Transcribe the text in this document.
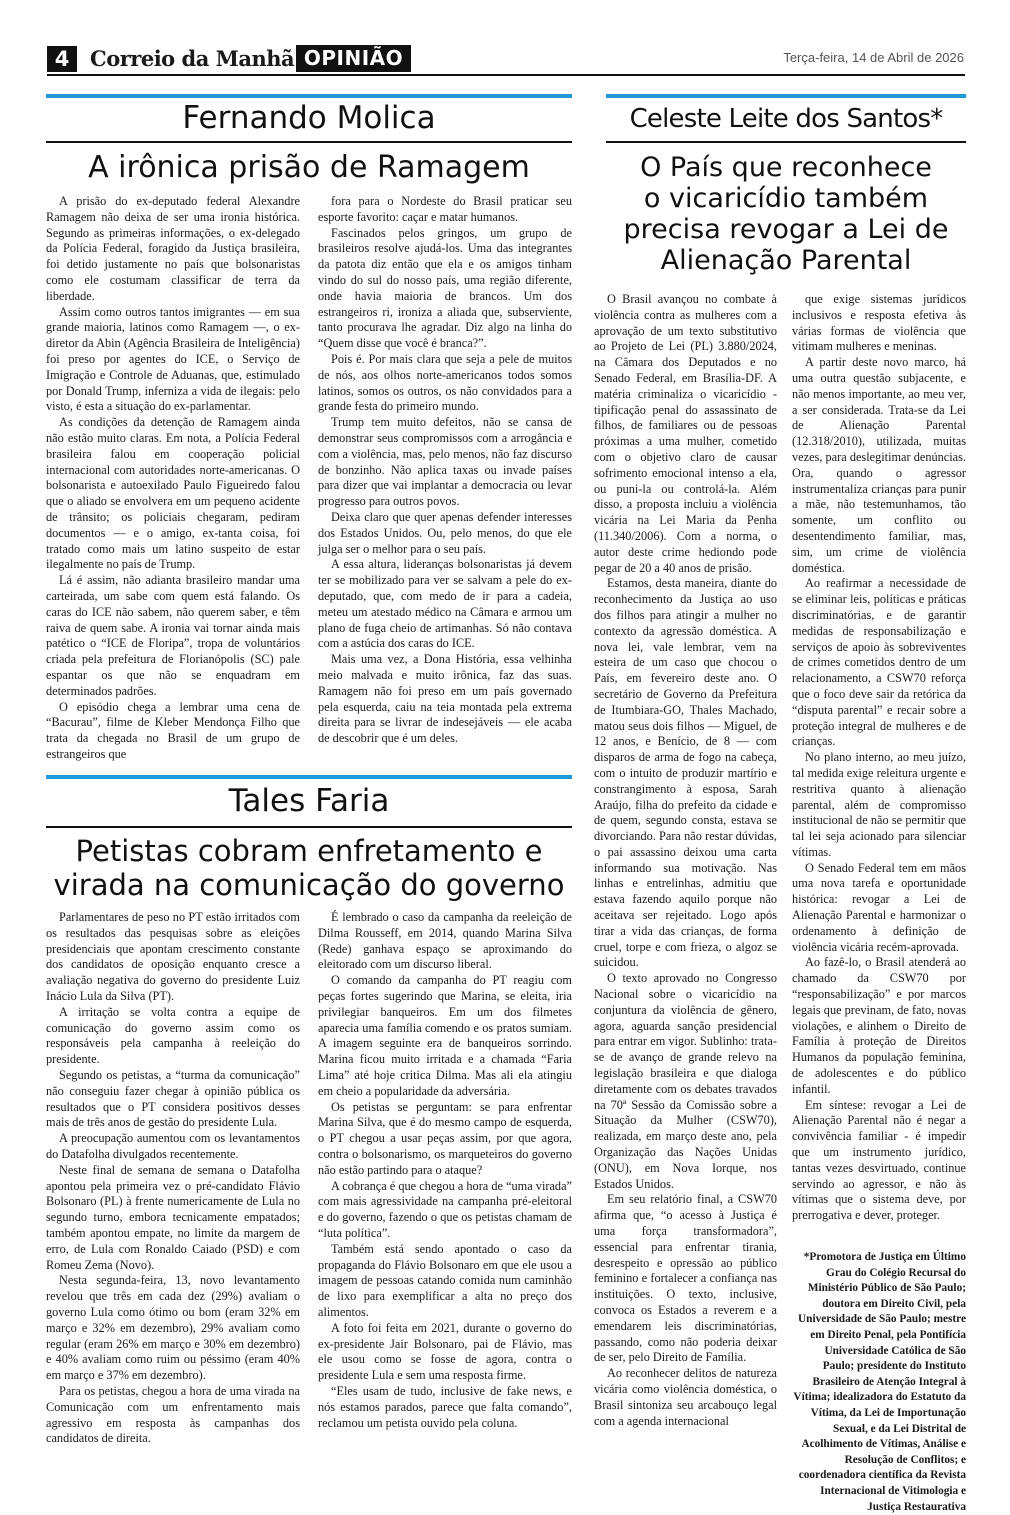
4 Correio da Manhã OPINIÃO	Terça-feira, 14 de Abril de 2026
Fernando Molica
A irônica prisão de Ramagem

A prisão do ex-deputado federal Alexandre Ramagem não deixa de ser uma ironia histórica. Segundo as primeiras informações, o ex-delegado da Polícia Federal, foragido da Justiça brasileira, foi detido justamente no país que bolsonaristas como ele costumam classificar de terra da liberdade.

Assim como outros tantos imigrantes — em sua grande maioria, latinos como Ramagem —, o ex-diretor da Abin (Agência Brasileira de Inteligência) foi preso por agentes do ICE, o Serviço de Imigração e Controle de Aduanas, que, estimulado por Donald Trump, inferniza a vida de ilegais: pelo visto, é esta a situação do ex-parlamentar.

As condições da detenção de Ramagem ainda não estão muito claras. Em nota, a Polícia Federal brasileira falou em cooperação policial internacional com autoridades norte-americanas. O bolsonarista e autoexilado Paulo Figueiredo falou que o aliado se envolvera em um pequeno acidente de trânsito; os policiais chegaram, pediram documentos — e o amigo, ex-tanta coisa, foi tratado como mais um latino suspeito de estar ilegalmente no país de Trump.

Lá é assim, não adianta brasileiro mandar uma carteirada, um sabe com quem está falando. Os caras do ICE não sabem, não querem saber, e têm raiva de quem sabe. A ironia vai tornar ainda mais patético o “ICE de Floripa”, tropa de voluntários criada pela prefeitura de Florianópolis (SC) pale espantar os que não se enquadram em determinados padrões.

O episódio chega a lembrar uma cena de “Bacurau”, filme de Kleber Mendonça Filho que trata da chegada no Brasil de um grupo de estrangeiros que

fora para o Nordeste do Brasil praticar seu esporte favorito: caçar e matar humanos.

Fascinados pelos gringos, um grupo de brasileiros resolve ajudá-los. Uma das integrantes da patota diz então que ela e os amigos tinham vindo do sul do nosso país, uma região diferente, onde havia maioria de brancos. Um dos estrangeiros ri, ironiza a aliada que, subserviente, tanto procurava lhe agradar. Diz algo na linha do “Quem disse que você é branca?”.

Pois é. Por mais clara que seja a pele de muitos de nós, aos olhos norte-americanos todos somos latinos, somos os outros, os não convidados para a grande festa do primeiro mundo.

Trump tem muito defeitos, não se cansa de demonstrar seus compromissos com a arrogância e com a violência, mas, pelo menos, não faz discurso de bonzinho. Não aplica taxas ou invade países para dizer que vai implantar a democracia ou levar progresso para outros povos.

Deixa claro que quer apenas defender interesses dos Estados Unidos. Ou, pelo menos, do que ele julga ser o melhor para o seu país.

A essa altura, lideranças bolsonaristas já devem ter se mobilizado para ver se salvam a pele do ex-deputado, que, com medo de ir para a cadeia, meteu um atestado médico na Câmara e armou um plano de fuga cheio de artimanhas. Só não contava com a astúcia dos caras do ICE.

Mais uma vez, a Dona História, essa velhinha meio malvada e muito irônica, faz das suas. Ramagem não foi preso em um país governado pela esquerda, caiu na teia montada pela extrema direita para se livrar de indesejáveis — ele acaba de descobrir que é um deles.

Tales Faria
Petistas cobram enfretamento e
virada na comunicação do governo

Parlamentares de peso no PT estão irritados com os resultados das pesquisas sobre as eleições presidenciais que apontam crescimento constante dos candidatos de oposição enquanto cresce a avaliação negativa do governo do presidente Luiz Inácio Lula da Silva (PT).

A irritação se volta contra a equipe de comunicação do governo assim como os responsáveis pela campanha à reeleição do presidente.

Segundo os petistas, a “turma da comunicação” não conseguiu fazer chegar à opinião pública os resultados que o PT considera positivos desses mais de três anos de gestão do presidente Lula.

A preocupação aumentou com os levantamentos do Datafolha divulgados recentemente.

Neste final de semana de semana o Datafolha apontou pela primeira vez o pré-candidato Flávio Bolsonaro (PL) à frente numericamente de Lula no segundo turno, embora tecnicamente empatados; também apontou empate, no limite da margem de erro, de Lula com Ronaldo Caiado (PSD) e com Romeu Zema (Novo).

Nesta segunda-feira, 13, novo levantamento revelou que três em cada dez (29%) avaliam o governo Lula como ótimo ou bom (eram 32% em março e 32% em dezembro), 29% avaliam como regular (eram 26% em março e 30% em dezembro) e 40% avaliam como ruim ou péssimo (eram 40% em março e 37% em dezembro).

Para os petistas, chegou a hora de uma virada na Comunicação com um enfrentamento mais agressivo em resposta às campanhas dos candidatos de direita.

É lembrado o caso da campanha da reeleição de Dilma Rousseff, em 2014, quando Marina Silva (Rede) ganhava espaço se aproximando do eleitorado com um discurso liberal.

O comando da campanha do PT reagiu com peças fortes sugerindo que Marina, se eleita, iria privilegiar banqueiros. Em um dos filmetes aparecia uma família comendo e os pratos sumiam. A imagem seguinte era de banqueiros sorrindo. Marina ficou muito irritada e a chamada “Faria Lima” até hoje critica Dilma. Mas ali ela atingiu em cheio a popularidade da adversária.

Os petistas se perguntam: se para enfrentar Marina Silva, que é do mesmo campo de esquerda, o PT chegou a usar peças assim, por que agora, contra o bolsonarismo, os marqueteiros do governo não estão partindo para o ataque?

A cobrança é que chegou a hora de “uma virada” com mais agressividade na campanha pré-eleitoral e do governo, fazendo o que os petistas chamam de “luta política”.

Também está sendo apontado o caso da propaganda do Flávio Bolsonaro em que ele usou a imagem de pessoas catando comida num caminhão de lixo para exemplificar a alta no preço dos alimentos.

A foto foi feita em 2021, durante o governo do ex-presidente Jair Bolsonaro, pai de Flávio, mas ele usou como se fosse de agora, contra o presidente Lula e sem uma resposta firme.

“Eles usam de tudo, inclusive de fake news, e nós estamos parados, parece que falta comando”, reclamou um petista ouvido pela coluna.

Celeste Leite dos Santos*
O País que reconhece
o vicaricídio também
precisa revogar a Lei de
Alienação Parental

O Brasil avançou no combate à violência contra as mulheres com a aprovação de um texto substitutivo ao Projeto de Lei (PL) 3.880/2024, na Câmara dos Deputados e no Senado Federal, em Brasília-DF. A matéria criminaliza o vicaricídio - tipificação penal do assassinato de filhos, de familiares ou de pessoas próximas a uma mulher, cometido com o objetivo claro de causar sofrimento emocional intenso a ela, ou puni-la ou controlá-la. Além disso, a proposta incluiu a violência vicária na Lei Maria da Penha (11.340/2006). Com a norma, o autor deste crime hediondo pode pegar de 20 a 40 anos de prisão.

Estamos, desta maneira, diante do reconhecimento da Justiça ao uso dos filhos para atingir a mulher no contexto da agressão doméstica. A nova lei, vale lembrar, vem na esteira de um caso que chocou o País, em fevereiro deste ano. O secretário de Governo da Prefeitura de Itumbiara-GO, Thales Machado, matou seus dois filhos — Miguel, de 12 anos, e Benício, de 8 — com disparos de arma de fogo na cabeça, com o intuito de produzir martírio e constrangimento à esposa, Sarah Araújo, filha do prefeito da cidade e de quem, segundo consta, estava se divorciando. Para não restar dúvidas, o pai assassino deixou uma carta informando sua motivação. Nas linhas e entrelinhas, admitiu que estava fazendo aquilo porque não aceitava ser rejeitado. Logo após tirar a vida das crianças, de forma cruel, torpe e com frieza, o algoz se suicidou.

O texto aprovado no Congresso Nacional sobre o vicaricídio na conjuntura da violência de gênero, agora, aguarda sanção presidencial para entrar em vigor. Sublinho: trata-se de avanço de grande relevo na legislação brasileira e que dialoga diretamente com os debates travados na 70ª Sessão da Comissão sobre a Situação da Mulher (CSW70), realizada, em março deste ano, pela Organização das Nações Unidas (ONU), em Nova Iorque, nos Estados Unidos.

Em seu relatório final, a CSW70 afirma que, “o acesso à Justiça é uma força transformadora”, essencial para enfrentar tirania, desrespeito e opressão ao público feminino e fortalecer a confiança nas instituições. O texto, inclusive, convoca os Estados a reverem e a emendarem leis discriminatórias, passando, como não poderia deixar de ser, pelo Direito de Família.

Ao reconhecer delitos de natureza vicária como violência doméstica, o Brasil sintoniza seu arcabouço legal com a agenda internacional

que exige sistemas jurídicos inclusivos e resposta efetiva às várias formas de violência que vitimam mulheres e meninas.

A partir deste novo marco, há uma outra questão subjacente, e não menos importante, ao meu ver, a ser considerada. Trata-se da Lei de Alienação Parental (12.318/2010), utilizada, muitas vezes, para deslegitimar denúncias. Ora, quando o agressor instrumentaliza crianças para punir a mãe, não testemunhamos, tão somente, um conflito ou desentendimento familiar, mas, sim, um crime de violência doméstica.

Ao reafirmar a necessidade de se eliminar leis, políticas e práticas discriminatórias, e de garantir medidas de responsabilização e serviços de apoio às sobreviventes de crimes cometidos dentro de um relacionamento, a CSW70 reforça que o foco deve sair da retórica da “disputa parental” e recair sobre a proteção integral de mulheres e de crianças.

No plano interno, ao meu juízo, tal medida exige releitura urgente e restritiva quanto à alienação parental, além de compromisso institucional de não se permitir que tal lei seja acionado para silenciar vítimas.

O Senado Federal tem em mãos uma nova tarefa e oportunidade histórica: revogar a Lei de Alienação Parental e harmonizar o ordenamento à definição de violência vicária recém-aprovada.

Ao fazê-lo, o Brasil atenderá ao chamado da CSW70 por “responsabilização” e por marcos legais que previnam, de fato, novas violações, e alinhem o Direito de Família à proteção de Direitos Humanos da população feminina, de adolescentes e do público infantil.

Em síntese: revogar a Lei de Alienação Parental não é negar a convivência familiar - é impedir que um instrumento jurídico, tantas vezes desvirtuado, continue servindo ao agressor, e não às vítimas que o sistema deve, por prerrogativa e dever, proteger.

*Promotora de Justiça em Último Grau do Colégio Recursal do Ministério Público de São Paulo; doutora em Direito Civil, pela Universidade de São Paulo; mestre em Direito Penal, pela Pontifícia Universidade Católica de São Paulo; presidente do Instituto Brasileiro de Atenção Integral à Vítima; idealizadora do Estatuto da Vítima, da Lei de Importunação Sexual, e da Lei Distrital de Acolhimento de Vítimas, Análise e Resolução de Conflitos; e coordenadora científica da Revista Internacional de Vitimologia e Justiça Restaurativa
